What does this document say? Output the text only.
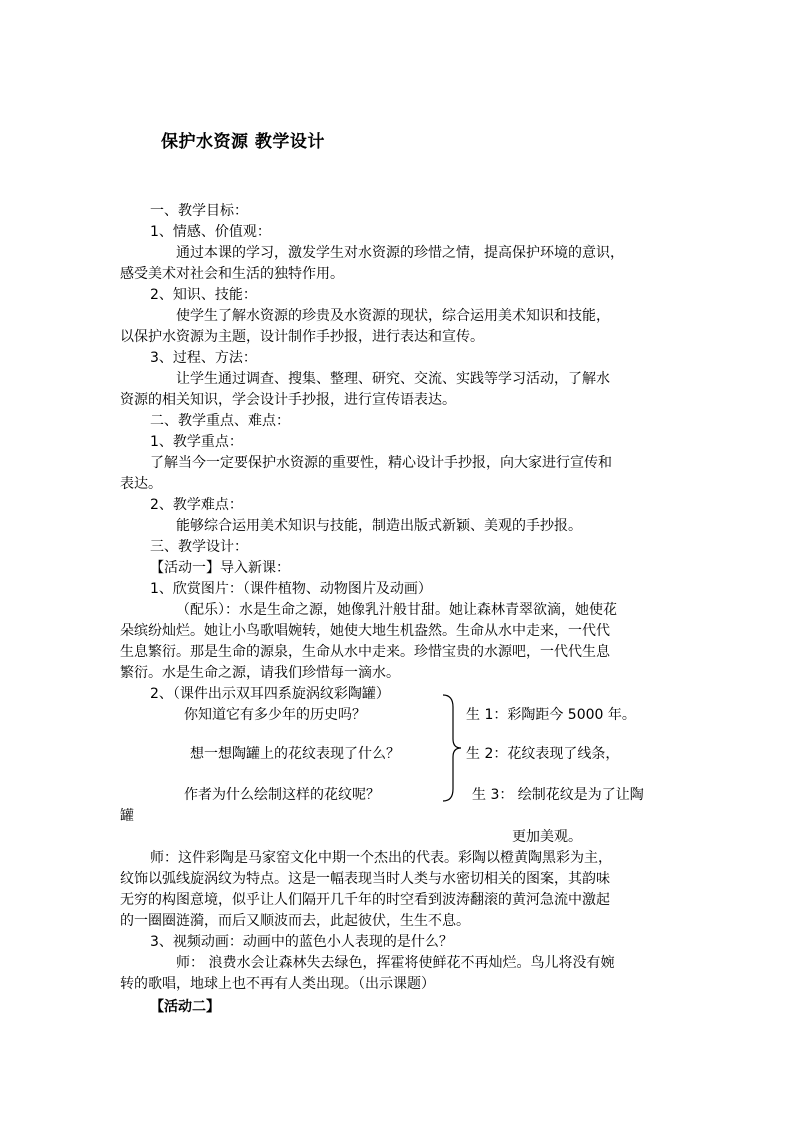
保护水资源 教学设计
一、教学目标：
1、情感、价值观：
通过本课的学习，激发学生对水资源的珍惜之情，提高保护环境的意识，
感受美术对社会和生活的独特作用。
2、知识、技能：
使学生了解水资源的珍贵及水资源的现状，综合运用美术知识和技能，
以保护水资源为主题，设计制作手抄报，进行表达和宣传。
3、过程、方法：
让学生通过调查、搜集、整理、研究、交流、实践等学习活动，了解水
资源的相关知识，学会设计手抄报，进行宣传语表达。
二、教学重点、难点：
1、教学重点：
了解当今一定要保护水资源的重要性，精心设计手抄报，向大家进行宣传和
表达。
2、教学难点：
能够综合运用美术知识与技能，制造出版式新颖、美观的手抄报。
三、教学设计：
【活动一】导入新课：
1、欣赏图片：（课件植物、动物图片及动画）
（配乐）：水是生命之源，她像乳汁般甘甜。她让森林青翠欲滴，她使花
朵缤纷灿烂。她让小鸟歌唱婉转，她使大地生机盎然。生命从水中走来，一代代
生息繁衍。那是生命的源泉，生命从水中走来。珍惜宝贵的水源吧，一代代生息
繁衍。水是生命之源，请我们珍惜每一滴水。
2、（课件出示双耳四系旋涡纹彩陶罐）
你知道它有多少年的历史吗？	生 1：彩陶距今 5000 年。
想一想陶罐上的花纹表现了什么？	生 2：花纹表现了线条，
作者为什么绘制这样的花纹呢？	生 3： 绘制花纹是为了让陶
罐
更加美观。
师：这件彩陶是马家窑文化中期一个杰出的代表。彩陶以橙黄陶黑彩为主，
纹饰以弧线旋涡纹为特点。这是一幅表现当时人类与水密切相关的图案，其韵味
无穷的构图意境，似乎让人们隔开几千年的时空看到波涛翻滚的黄河急流中激起
的一圈圈涟漪，而后又顺波而去，此起彼伏，生生不息。
3、视频动画：动画中的蓝色小人表现的是什么？
师： 浪费水会让森林失去绿色，挥霍将使鲜花不再灿烂。鸟儿将没有婉
转的歌唱，地球上也不再有人类出现。（出示课题）
【活动二】
